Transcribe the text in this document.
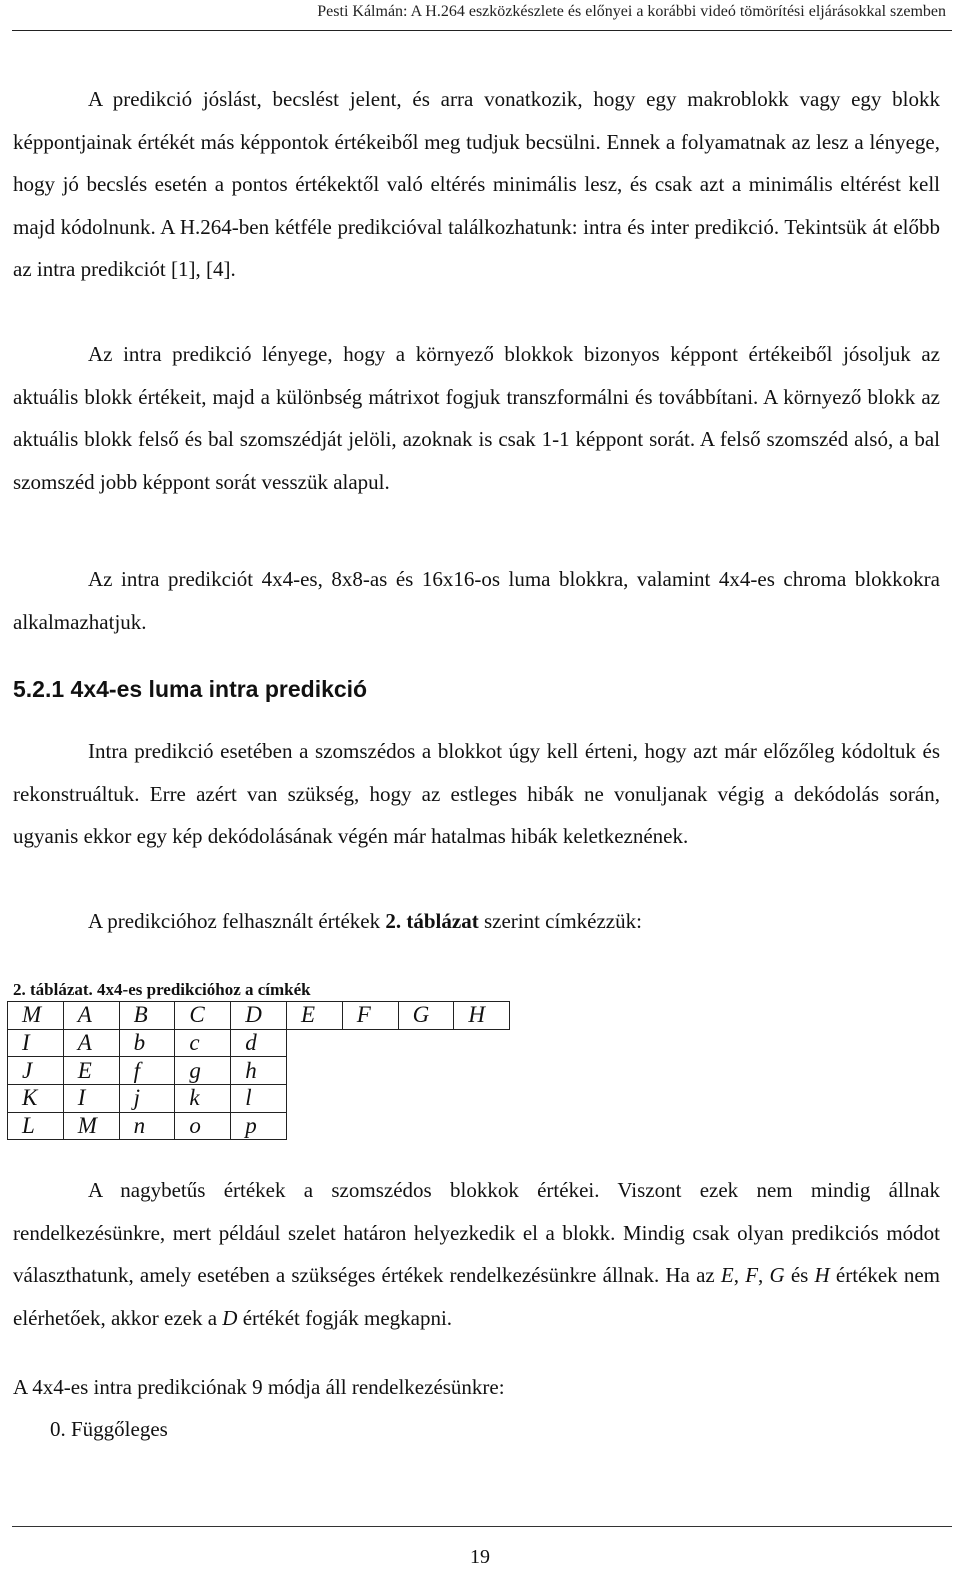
Pesti Kálmán: A H.264 eszközkészlete és előnyei a korábbi videó tömörítési eljárásokkal szemben

A predikció jóslást, becslést jelent, és arra vonatkozik, hogy egy makroblokk vagy egy blokk képpontjainak értékét más képpontok értékeiből meg tudjuk becsülni. Ennek a folyamatnak az lesz a lényege, hogy jó becslés esetén a pontos értékektől való eltérés minimális lesz, és csak azt a minimális eltérést kell majd kódolnunk. A H.264-ben kétféle predikcióval találkozhatunk: intra és inter predikció. Tekintsük át előbb az intra predikciót [1], [4].

Az intra predikció lényege, hogy a környező blokkok bizonyos képpont értékeiből jósoljuk az aktuális blokk értékeit, majd a különbség mátrixot fogjuk transzformálni és továbbítani. A környező blokk az aktuális blokk felső és bal szomszédját jelöli, azoknak is csak 1-1 képpont sorát. A felső szomszéd alsó, a bal szomszéd jobb képpont sorát vesszük alapul.

Az intra predikciót 4x4-es, 8x8-as és 16x16-os luma blokkra, valamint 4x4-es chroma blokkokra alkalmazhatjuk.

5.2.1 4x4-es luma intra predikció

Intra predikció esetében a szomszédos a blokkot úgy kell érteni, hogy azt már előzőleg kódoltuk és rekonstruáltuk. Erre azért van szükség, hogy az estleges hibák ne vonuljanak végig a dekódolás során, ugyanis ekkor egy kép dekódolásának végén már hatalmas hibák keletkeznének.

A predikcióhoz felhasznált értékek 2. táblázat szerint címkézzük:

2. táblázat. 4x4-es predikcióhoz a címkék

M	A	B	C	D	E	F	G	H
I	A	b	c	d				
J	E	f	g	h				
K	I	j	k	l				
L	M	n	o	p				

A nagybetűs értékek a szomszédos blokkok értékei. Viszont ezek nem mindig állnak rendelkezésünkre, mert például szelet határon helyezkedik el a blokk. Mindig csak olyan predikciós módot választhatunk, amely esetében a szükséges értékek rendelkezésünkre állnak. Ha az E, F, G és H értékek nem elérhetőek, akkor ezek a D értékét fogják megkapni.

A 4x4-es intra predikciónak 9 módja áll rendelkezésünkre:

0. Függőleges

19
